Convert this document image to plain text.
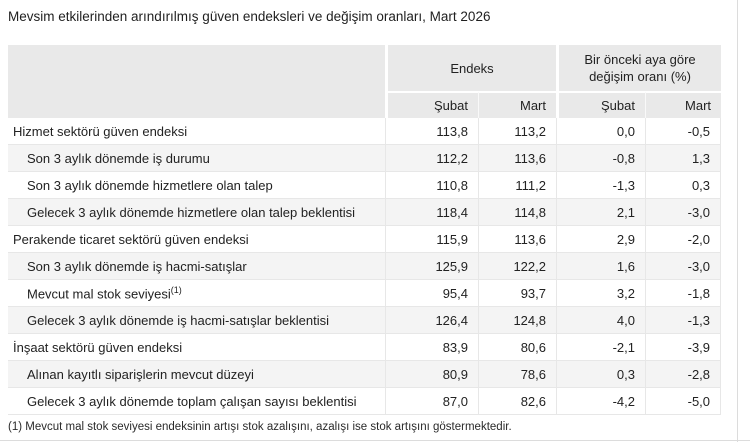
Mevsim etkilerinden arındırılmış güven endeksleri ve değişim oranları, Mart 2026
	Endeks		Bir önceki aya göre değişim oranı (%)	
	Şubat	Mart	Şubat	Mart
Hizmet sektörü güven endeksi	113,8	113,2	0,0	-0,5
Son 3 aylık dönemde iş durumu	112,2	113,6	-0,8	1,3
Son 3 aylık dönemde hizmetlere olan talep	110,8	111,2	-1,3	0,3
Gelecek 3 aylık dönemde hizmetlere olan talep beklentisi	118,4	114,8	2,1	-3,0
Perakende ticaret sektörü güven endeksi	115,9	113,6	2,9	-2,0
Son 3 aylık dönemde iş hacmi-satışlar	125,9	122,2	1,6	-3,0
Mevcut mal stok seviyesi$^{(1)}$	95,4	93,7	3,2	-1,8
Gelecek 3 aylık dönemde iş hacmi-satışlar beklentisi	126,4	124,8	4,0	-1,3
İnşaat sektörü güven endeksi	83,9	80,6	-2,1	-3,9
Alınan kayıtlı siparişlerin mevcut düzeyi	80,9	78,6	0,3	-2,8
Gelecek 3 aylık dönemde toplam çalışan sayısı beklentisi	87,0	82,6	-4,2	-5,0
(1) Mevcut mal stok seviyesi endeksinin artışı stok azalışını, azalışı ise stok artışını göstermektedir.
